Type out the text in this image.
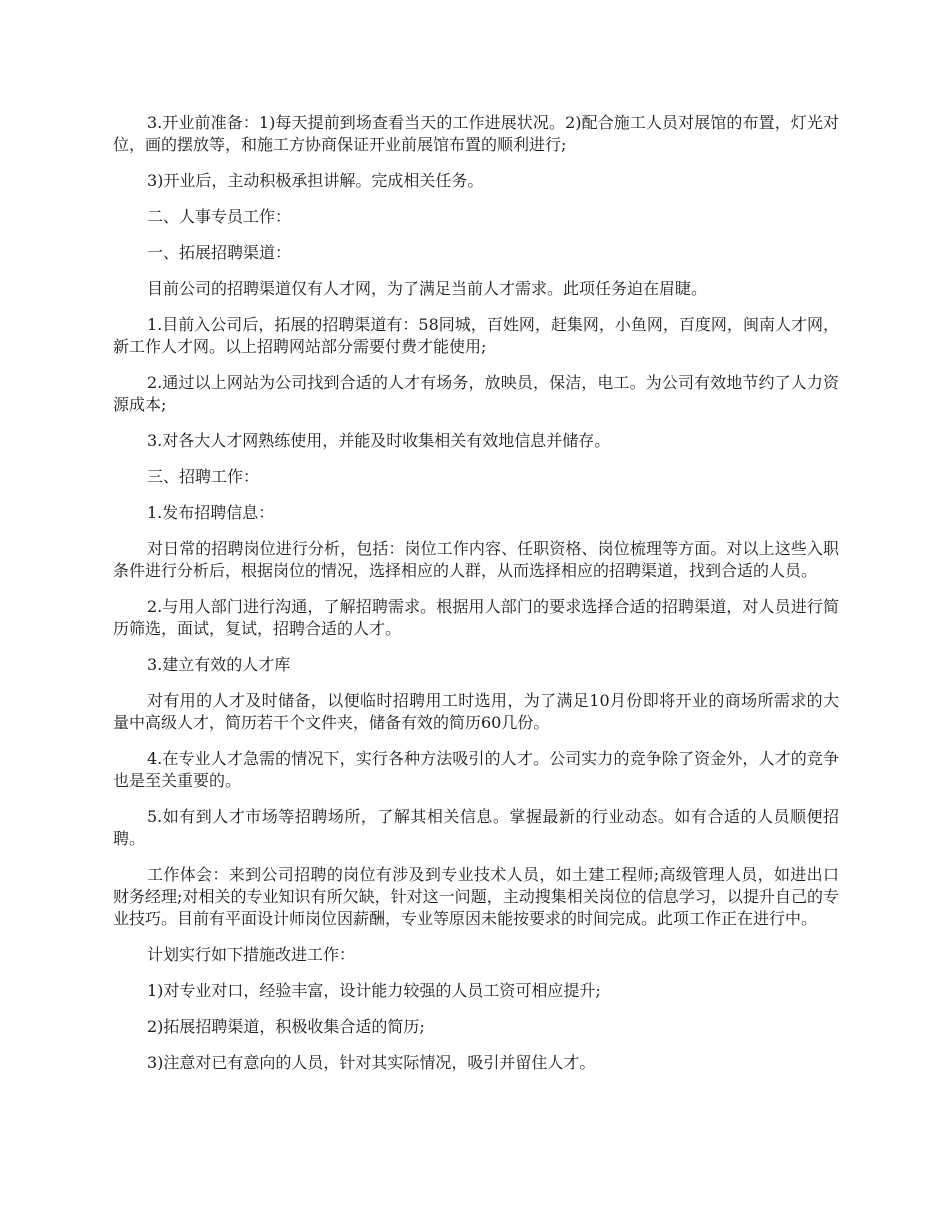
3.开业前准备：1)每天提前到场查看当天的工作进展状况。2)配合施工人员对展馆的布置，灯光对位，画的摆放等，和施工方协商保证开业前展馆布置的顺利进行;

3)开业后，主动积极承担讲解。完成相关任务。

二、人事专员工作：

一、拓展招聘渠道：

目前公司的招聘渠道仅有人才网，为了满足当前人才需求。此项任务迫在眉睫。

1.目前入公司后，拓展的招聘渠道有：58同城，百姓网，赶集网，小鱼网，百度网，闽南人才网，新工作人才网。以上招聘网站部分需要付费才能使用;

2.通过以上网站为公司找到合适的人才有场务，放映员，保洁，电工。为公司有效地节约了人力资源成本;

3.对各大人才网熟练使用，并能及时收集相关有效地信息并储存。

三、招聘工作：

1.发布招聘信息：

对日常的招聘岗位进行分析，包括：岗位工作内容、任职资格、岗位梳理等方面。对以上这些入职条件进行分析后，根据岗位的情况，选择相应的人群，从而选择相应的招聘渠道，找到合适的人员。

2.与用人部门进行沟通，了解招聘需求。根据用人部门的要求选择合适的招聘渠道，对人员进行简历筛选，面试，复试，招聘合适的人才。

3.建立有效的人才库

对有用的人才及时储备，以便临时招聘用工时选用，为了满足10月份即将开业的商场所需求的大量中高级人才，简历若干个文件夹，储备有效的简历60几份。

4.在专业人才急需的情况下，实行各种方法吸引的人才。公司实力的竞争除了资金外，人才的竞争也是至关重要的。

5.如有到人才市场等招聘场所，了解其相关信息。掌握最新的行业动态。如有合适的人员顺便招聘。

工作体会：来到公司招聘的岗位有涉及到专业技术人员，如土建工程师;高级管理人员，如进出口财务经理;对相关的专业知识有所欠缺，针对这一问题，主动搜集相关岗位的信息学习，以提升自己的专业技巧。目前有平面设计师岗位因薪酬，专业等原因未能按要求的时间完成。此项工作正在进行中。

计划实行如下措施改进工作：

1)对专业对口，经验丰富，设计能力较强的人员工资可相应提升;

2)拓展招聘渠道，积极收集合适的简历;

3)注意对已有意向的人员，针对其实际情况，吸引并留住人才。
